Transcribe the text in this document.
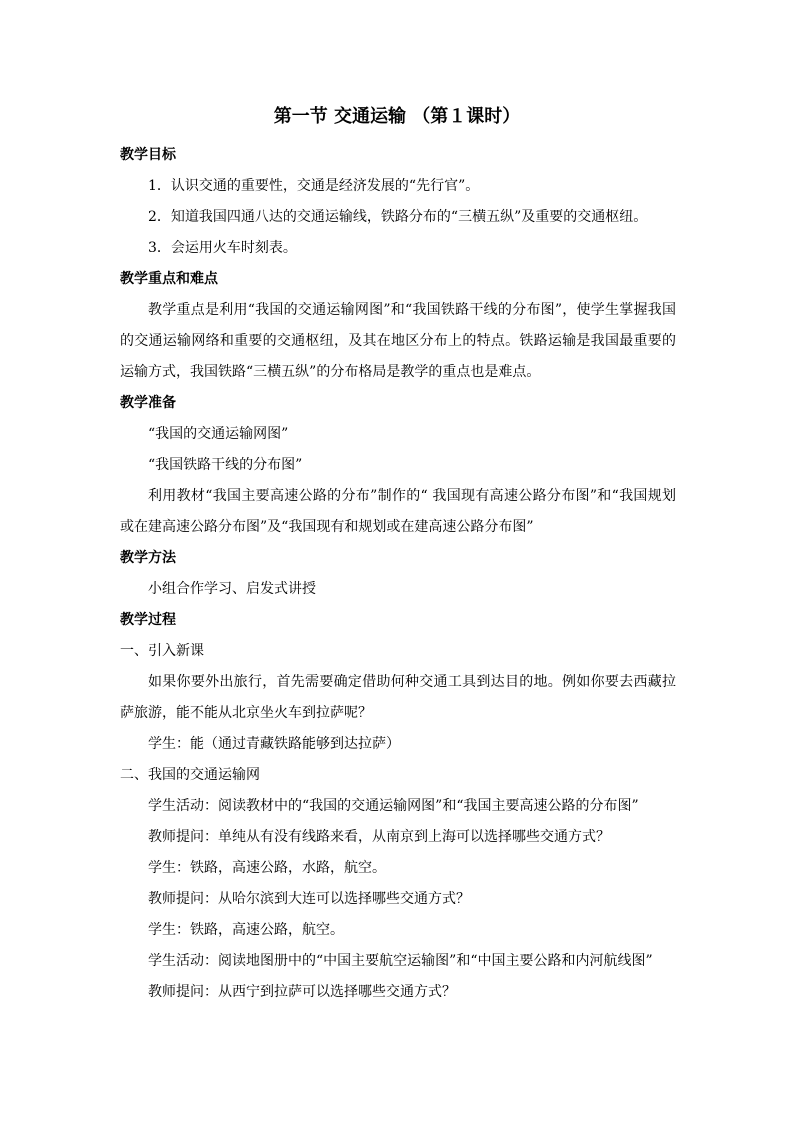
第一节 交通运输 （第１课时）
教学目标
1．认识交通的重要性，交通是经济发展的“先行官”。
2．知道我国四通八达的交通运输线，铁路分布的“三横五纵”及重要的交通枢纽。
3．会运用火车时刻表。
教学重点和难点
教学重点是利用“我国的交通运输网图”和“我国铁路干线的分布图”，使学生掌握我国的交通运输网络和重要的交通枢纽，及其在地区分布上的特点。铁路运输是我国最重要的运输方式，我国铁路“三横五纵”的分布格局是教学的重点也是难点。
教学准备
“我国的交通运输网图”
“我国铁路干线的分布图”
利用教材“我国主要高速公路的分布”制作的“ 我国现有高速公路分布图”和“我国规划或在建高速公路分布图”及“我国现有和规划或在建高速公路分布图”
教学方法
小组合作学习、启发式讲授
教学过程
一、引入新课
如果你要外出旅行，首先需要确定借助何种交通工具到达目的地。例如你要去西藏拉萨旅游，能不能从北京坐火车到拉萨呢？
学生：能（通过青藏铁路能够到达拉萨）
二、我国的交通运输网
学生活动：阅读教材中的“我国的交通运输网图”和“我国主要高速公路的分布图”
教师提问：单纯从有没有线路来看，从南京到上海可以选择哪些交通方式？
学生：铁路，高速公路，水路，航空。
教师提问：从哈尔滨到大连可以选择哪些交通方式？
学生：铁路，高速公路，航空。
学生活动：阅读地图册中的“中国主要航空运输图”和“中国主要公路和内河航线图”
教师提问：从西宁到拉萨可以选择哪些交通方式？
